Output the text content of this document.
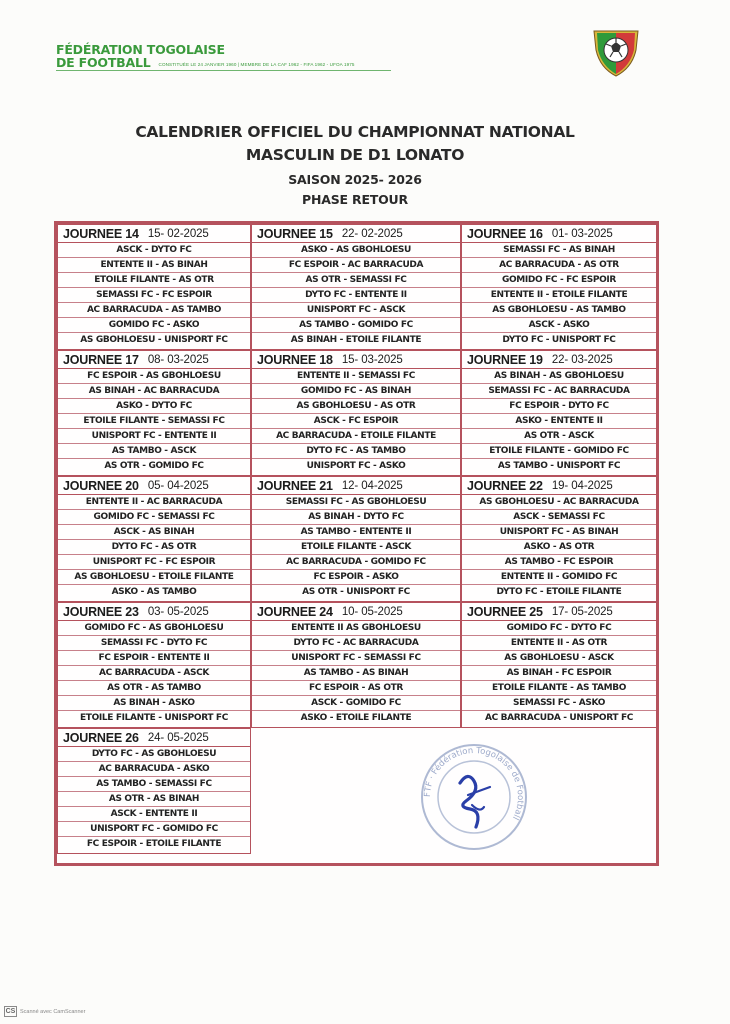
FÉDÉRATION TOGOLAISE
DE FOOTBALL CONSTITUÉE LE 24 JANVIER 1960 | MEMBRE DE LA CAF 1962 - FIFA 1962 - UFOA 1975
CALENDRIER OFFICIEL DU CHAMPIONNAT NATIONAL
MASCULIN DE D1 LONATO
SAISON 2025- 2026
PHASE RETOUR
JOURNEE 14 15- 02-2025
ASCK - DYTO FC
ENTENTE II - AS BINAH
ETOILE FILANTE - AS OTR
SEMASSI FC - FC ESPOIR
AC BARRACUDA - AS TAMBO
GOMIDO FC - ASKO
AS GBOHLOESU - UNISPORT FC
JOURNEE 15 22- 02-2025
ASKO - AS GBOHLOESU
FC ESPOIR - AC BARRACUDA
AS OTR - SEMASSI FC
DYTO FC - ENTENTE II
UNISPORT FC - ASCK
AS TAMBO - GOMIDO FC
AS BINAH - ETOILE FILANTE
JOURNEE 16 01- 03-2025
SEMASSI FC - AS BINAH
AC BARRACUDA - AS OTR
GOMIDO FC - FC ESPOIR
ENTENTE II - ETOILE FILANTE
AS GBOHLOESU - AS TAMBO
ASCK - ASKO
DYTO FC - UNISPORT FC
JOURNEE 17 08- 03-2025
FC ESPOIR - AS GBOHLOESU
AS BINAH - AC BARRACUDA
ASKO - DYTO FC
ETOILE FILANTE - SEMASSI FC
UNISPORT FC - ENTENTE II
AS TAMBO - ASCK
AS OTR - GOMIDO FC
JOURNEE 18 15- 03-2025
ENTENTE II - SEMASSI FC
GOMIDO FC - AS BINAH
AS GBOHLOESU - AS OTR
ASCK - FC ESPOIR
AC BARRACUDA - ETOILE FILANTE
DYTO FC - AS TAMBO
UNISPORT FC - ASKO
JOURNEE 19 22- 03-2025
AS BINAH - AS GBOHLOESU
SEMASSI FC - AC BARRACUDA
FC ESPOIR - DYTO FC
ASKO - ENTENTE II
AS OTR - ASCK
ETOILE FILANTE - GOMIDO FC
AS TAMBO - UNISPORT FC
JOURNEE 20 05- 04-2025
ENTENTE II - AC BARRACUDA
GOMIDO FC - SEMASSI FC
ASCK - AS BINAH
DYTO FC - AS OTR
UNISPORT FC - FC ESPOIR
AS GBOHLOESU - ETOILE FILANTE
ASKO - AS TAMBO
JOURNEE 21 12- 04-2025
SEMASSI FC - AS GBOHLOESU
AS BINAH - DYTO FC
AS TAMBO - ENTENTE II
ETOILE FILANTE - ASCK
AC BARRACUDA - GOMIDO FC
FC ESPOIR - ASKO
AS OTR - UNISPORT FC
JOURNEE 22 19- 04-2025
AS GBOHLOESU - AC BARRACUDA
ASCK - SEMASSI FC
UNISPORT FC - AS BINAH
ASKO - AS OTR
AS TAMBO - FC ESPOIR
ENTENTE II - GOMIDO FC
DYTO FC - ETOILE FILANTE
JOURNEE 23 03- 05-2025
GOMIDO FC - AS GBOHLOESU
SEMASSI FC - DYTO FC
FC ESPOIR - ENTENTE II
AC BARRACUDA - ASCK
AS OTR - AS TAMBO
AS BINAH - ASKO
ETOILE FILANTE - UNISPORT FC
JOURNEE 24 10- 05-2025
ENTENTE II AS GBOHLOESU
DYTO FC - AC BARRACUDA
UNISPORT FC - SEMASSI FC
AS TAMBO - AS BINAH
FC ESPOIR - AS OTR
ASCK - GOMIDO FC
ASKO - ETOILE FILANTE
JOURNEE 25 17- 05-2025
GOMIDO FC - DYTO FC
ENTENTE II - AS OTR
AS GBOHLOESU - ASCK
AS BINAH - FC ESPOIR
ETOILE FILANTE - AS TAMBO
SEMASSI FC - ASKO
AC BARRACUDA - UNISPORT FC
JOURNEE 26 24- 05-2025
DYTO FC - AS GBOHLOESU
AC BARRACUDA - ASKO
AS TAMBO - SEMASSI FC
AS OTR - AS BINAH
ASCK - ENTENTE II
UNISPORT FC - GOMIDO FC
FC ESPOIR - ETOILE FILANTE
FTF · Fédération Togolaise de Football
CS Scanné avec CamScanner
